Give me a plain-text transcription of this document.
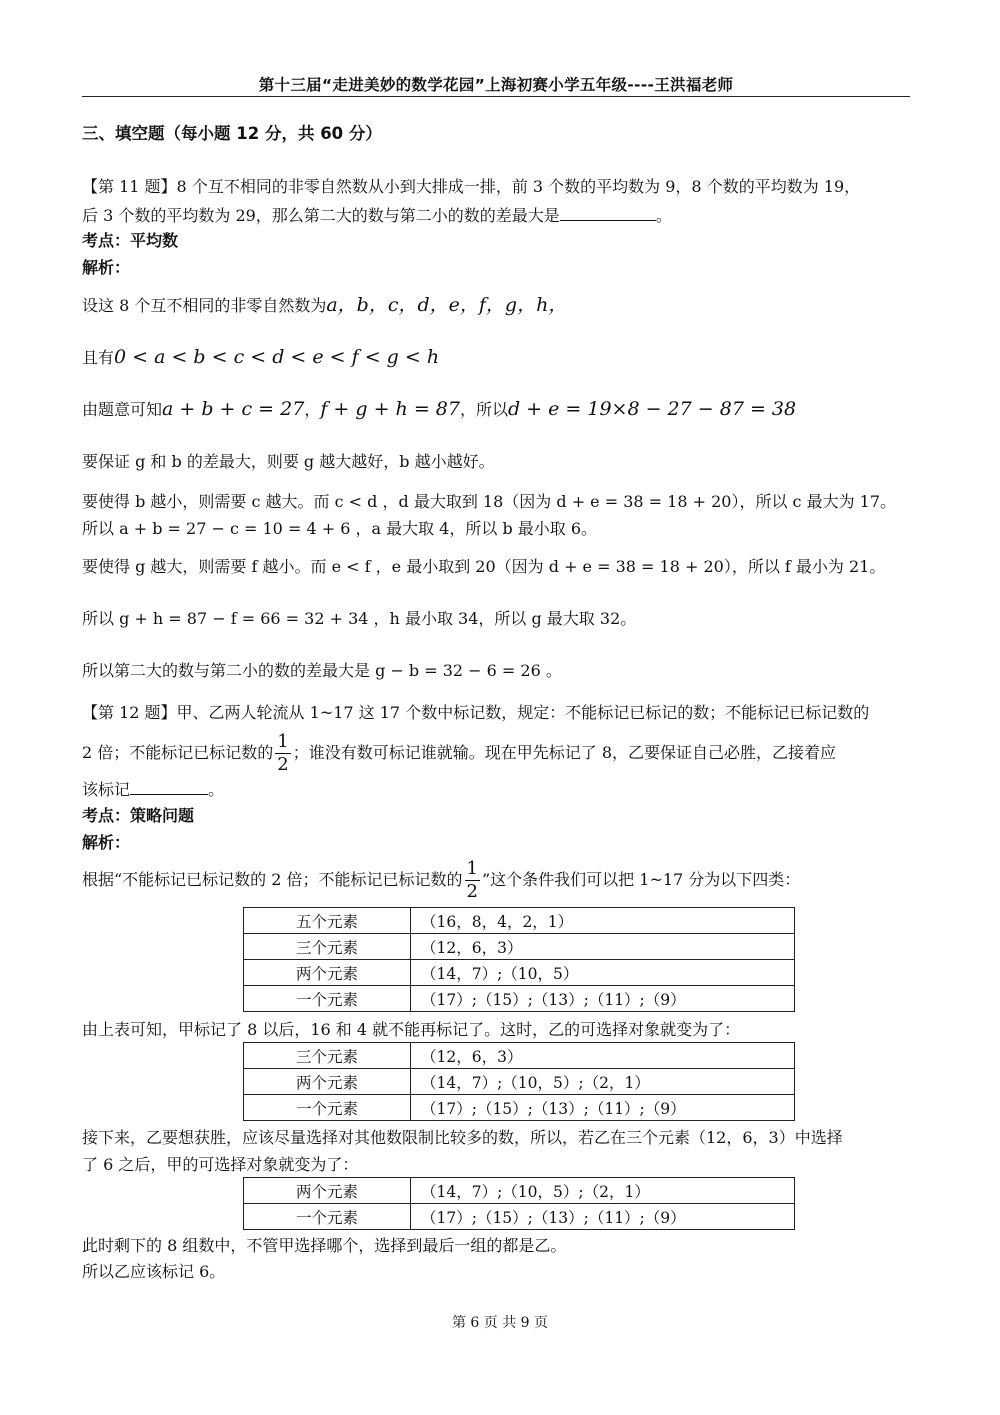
第十三届“走进美妙的数学花园”上海初赛小学五年级----王洪福老师
三、填空题（每小题 12 分，共 60 分）
【第 11 题】8 个互不相同的非零自然数从小到大排成一排，前 3 个数的平均数为 9，8 个数的平均数为 19，
后 3 个数的平均数为 29，那么第二大的数与第二小的数的差最大是	。
考点：平均数
解析：
设这 8 个互不相同的非零自然数为a，b，c，d，e，f，g，h，
且有0 < a < b < c < d < e < f < g < h
由题意可知a + b + c = 27，f + g + h = 87，所以d + e = 19×8 − 27 − 87 = 38
要保证 g 和 b 的差最大，则要 g 越大越好，b 越小越好。
要使得 b 越小，则需要 c 越大。而 c < d ，d 最大取到 18（因为 d + e = 38 = 18 + 20），所以 c 最大为 17。
所以 a + b = 27 − c = 10 = 4 + 6 ，a 最大取 4，所以 b 最小取 6。
要使得 g 越大，则需要 f 越小。而 e < f ，e 最小取到 20（因为 d + e = 38 = 18 + 20），所以 f 最小为 21。
所以 g + h = 87 − f = 66 = 32 + 34 ，h 最小取 34，所以 g 最大取 32。
所以第二大的数与第二小的数的差最大是 g − b = 32 − 6 = 26 。
【第 12 题】甲、乙两人轮流从 1~17 这 17 个数中标记数，规定：不能标记已标记的数；不能标记已标记数的
2 倍；不能标记已标记数的 $\frac{1}{2}$ ；谁没有数可标记谁就输。现在甲先标记了 8，乙要保证自己必胜，乙接着应
该标记	。
考点：策略问题
解析：
根据“不能标记已标记数的 2 倍；不能标记已标记数的 $\frac{1}{2}$ ”这个条件我们可以把 1~17 分为以下四类：
五个元素	（16，8，4，2，1）
三个元素	（12，6，3）
两个元素	（14，7）;（10，5）
一个元素	（17）;（15）;（13）;（11）;（9）
由上表可知，甲标记了 8 以后，16 和 4 就不能再标记了。这时，乙的可选择对象就变为了：
三个元素	（12，6，3）
两个元素	（14，7）;（10，5）;（2，1）
一个元素	（17）;（15）;（13）;（11）;（9）
接下来，乙要想获胜，应该尽量选择对其他数限制比较多的数，所以，若乙在三个元素（12，6，3）中选择
了 6 之后，甲的可选择对象就变为了：
两个元素	（14，7）;（10，5）;（2，1）
一个元素	（17）;（15）;（13）;（11）;（9）
此时剩下的 8 组数中，不管甲选择哪个，选择到最后一组的都是乙。
所以乙应该标记 6。
第 6 页 共 9 页
